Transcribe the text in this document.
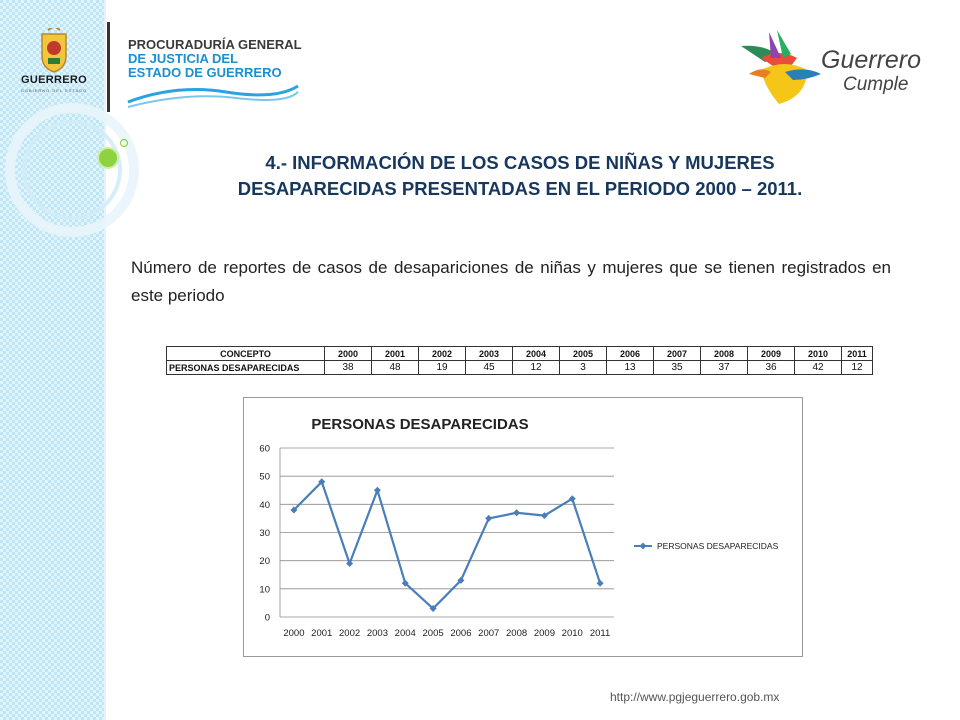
GUERRERO
GOBIERNO DEL ESTADO
PROCURADURÍA GENERAL
DE JUSTICIA DEL
ESTADO DE GUERRERO	Guerrero
Cumple
4.- INFORMACIÓN DE LOS CASOS DE NIÑAS Y MUJERES
DESAPARECIDAS PRESENTADAS EN EL PERIODO 2000 – 2011.
Número de reportes de casos de desapariciones de niñas y mujeres que se tienen registrados en este periodo
CONCEPTO	2000	2001	2002	2003	2004	2005	2006	2007	2008	2009	2010	2011
PERSONAS DESAPARECIDAS	38	48	19	45	12	3	13	35	37	36	42	12
PERSONAS DESAPARECIDAS
0
10
20
30
40
50
60
2000 2001 2002 2003 2004 2005 2006 2007 2008 2009 2010 2011
PERSONAS DESAPARECIDAS
http://www.pgjeguerrero.gob.mx
